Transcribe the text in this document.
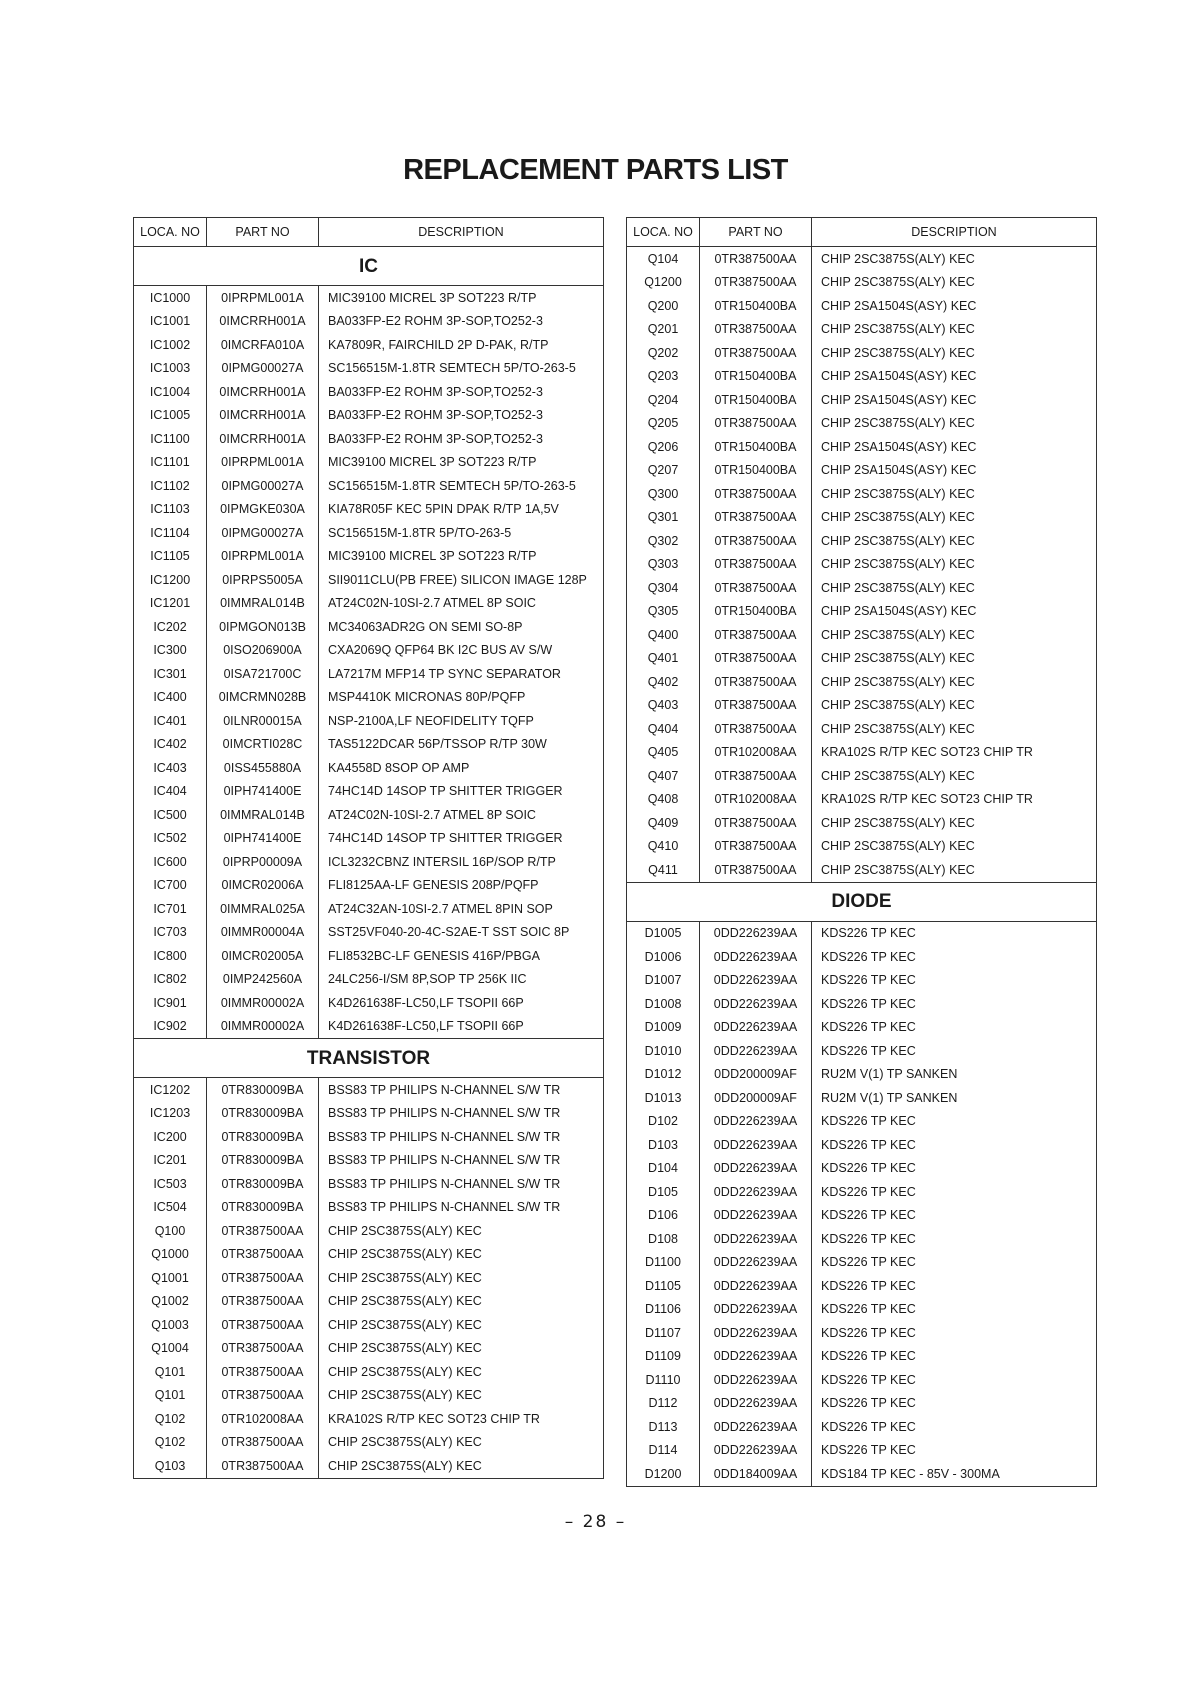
REPLACEMENT PARTS LIST
LOCA. NO	PART NO	DESCRIPTION
IC		
IC1000	0IPRPML001A	MIC39100 MICREL 3P SOT223 R/TP
IC1001	0IMCRRH001A	BA033FP-E2 ROHM 3P-SOP,TO252-3
IC1002	0IMCRFA010A	KA7809R, FAIRCHILD 2P D-PAK, R/TP
IC1003	0IPMG00027A	SC156515M-1.8TR SEMTECH 5P/TO-263-5
IC1004	0IMCRRH001A	BA033FP-E2 ROHM 3P-SOP,TO252-3
IC1005	0IMCRRH001A	BA033FP-E2 ROHM 3P-SOP,TO252-3
IC1100	0IMCRRH001A	BA033FP-E2 ROHM 3P-SOP,TO252-3
IC1101	0IPRPML001A	MIC39100 MICREL 3P SOT223 R/TP
IC1102	0IPMG00027A	SC156515M-1.8TR SEMTECH 5P/TO-263-5
IC1103	0IPMGKE030A	KIA78R05F KEC 5PIN DPAK R/TP 1A,5V
IC1104	0IPMG00027A	SC156515M-1.8TR 5P/TO-263-5
IC1105	0IPRPML001A	MIC39100 MICREL 3P SOT223 R/TP
IC1200	0IPRPS5005A	SII9011CLU(PB FREE) SILICON IMAGE 128P
IC1201	0IMMRAL014B	AT24C02N-10SI-2.7 ATMEL 8P SOIC
IC202	0IPMGON013B	MC34063ADR2G ON SEMI SO-8P
IC300	0ISO206900A	CXA2069Q QFP64 BK I2C BUS AV S/W
IC301	0ISA721700C	LA7217M MFP14 TP SYNC SEPARATOR
IC400	0IMCRMN028B	MSP4410K MICRONAS 80P/PQFP
IC401	0ILNR00015A	NSP-2100A,LF NEOFIDELITY TQFP
IC402	0IMCRTI028C	TAS5122DCAR 56P/TSSOP R/TP 30W
IC403	0ISS455880A	KA4558D 8SOP OP AMP
IC404	0IPH741400E	74HC14D 14SOP TP SHITTER TRIGGER
IC500	0IMMRAL014B	AT24C02N-10SI-2.7 ATMEL 8P SOIC
IC502	0IPH741400E	74HC14D 14SOP TP SHITTER TRIGGER
IC600	0IPRP00009A	ICL3232CBNZ INTERSIL 16P/SOP R/TP
IC700	0IMCR02006A	FLI8125AA-LF GENESIS 208P/PQFP
IC701	0IMMRAL025A	AT24C32AN-10SI-2.7 ATMEL 8PIN SOP
IC703	0IMMR00004A	SST25VF040-20-4C-S2AE-T SST SOIC 8P
IC800	0IMCR02005A	FLI8532BC-LF GENESIS 416P/PBGA
IC802	0IMP242560A	24LC256-I/SM 8P,SOP TP 256K IIC
IC901	0IMMR00002A	K4D261638F-LC50,LF TSOPII 66P
IC902	0IMMR00002A	K4D261638F-LC50,LF TSOPII 66P
TRANSISTOR		
IC1202	0TR830009BA	BSS83 TP PHILIPS N-CHANNEL S/W TR
IC1203	0TR830009BA	BSS83 TP PHILIPS N-CHANNEL S/W TR
IC200	0TR830009BA	BSS83 TP PHILIPS N-CHANNEL S/W TR
IC201	0TR830009BA	BSS83 TP PHILIPS N-CHANNEL S/W TR
IC503	0TR830009BA	BSS83 TP PHILIPS N-CHANNEL S/W TR
IC504	0TR830009BA	BSS83 TP PHILIPS N-CHANNEL S/W TR
Q100	0TR387500AA	CHIP 2SC3875S(ALY) KEC
Q1000	0TR387500AA	CHIP 2SC3875S(ALY) KEC
Q1001	0TR387500AA	CHIP 2SC3875S(ALY) KEC
Q1002	0TR387500AA	CHIP 2SC3875S(ALY) KEC
Q1003	0TR387500AA	CHIP 2SC3875S(ALY) KEC
Q1004	0TR387500AA	CHIP 2SC3875S(ALY) KEC
Q101	0TR387500AA	CHIP 2SC3875S(ALY) KEC
Q101	0TR387500AA	CHIP 2SC3875S(ALY) KEC
Q102	0TR102008AA	KRA102S R/TP KEC SOT23 CHIP TR
Q102	0TR387500AA	CHIP 2SC3875S(ALY) KEC
Q103	0TR387500AA	CHIP 2SC3875S(ALY) KEC
LOCA. NO	PART NO	DESCRIPTION
Q104	0TR387500AA	CHIP 2SC3875S(ALY) KEC
Q1200	0TR387500AA	CHIP 2SC3875S(ALY) KEC
Q200	0TR150400BA	CHIP 2SA1504S(ASY) KEC
Q201	0TR387500AA	CHIP 2SC3875S(ALY) KEC
Q202	0TR387500AA	CHIP 2SC3875S(ALY) KEC
Q203	0TR150400BA	CHIP 2SA1504S(ASY) KEC
Q204	0TR150400BA	CHIP 2SA1504S(ASY) KEC
Q205	0TR387500AA	CHIP 2SC3875S(ALY) KEC
Q206	0TR150400BA	CHIP 2SA1504S(ASY) KEC
Q207	0TR150400BA	CHIP 2SA1504S(ASY) KEC
Q300	0TR387500AA	CHIP 2SC3875S(ALY) KEC
Q301	0TR387500AA	CHIP 2SC3875S(ALY) KEC
Q302	0TR387500AA	CHIP 2SC3875S(ALY) KEC
Q303	0TR387500AA	CHIP 2SC3875S(ALY) KEC
Q304	0TR387500AA	CHIP 2SC3875S(ALY) KEC
Q305	0TR150400BA	CHIP 2SA1504S(ASY) KEC
Q400	0TR387500AA	CHIP 2SC3875S(ALY) KEC
Q401	0TR387500AA	CHIP 2SC3875S(ALY) KEC
Q402	0TR387500AA	CHIP 2SC3875S(ALY) KEC
Q403	0TR387500AA	CHIP 2SC3875S(ALY) KEC
Q404	0TR387500AA	CHIP 2SC3875S(ALY) KEC
Q405	0TR102008AA	KRA102S R/TP KEC SOT23 CHIP TR
Q407	0TR387500AA	CHIP 2SC3875S(ALY) KEC
Q408	0TR102008AA	KRA102S R/TP KEC SOT23 CHIP TR
Q409	0TR387500AA	CHIP 2SC3875S(ALY) KEC
Q410	0TR387500AA	CHIP 2SC3875S(ALY) KEC
Q411	0TR387500AA	CHIP 2SC3875S(ALY) KEC
DIODE		
D1005	0DD226239AA	KDS226 TP KEC
D1006	0DD226239AA	KDS226 TP KEC
D1007	0DD226239AA	KDS226 TP KEC
D1008	0DD226239AA	KDS226 TP KEC
D1009	0DD226239AA	KDS226 TP KEC
D1010	0DD226239AA	KDS226 TP KEC
D1012	0DD200009AF	RU2M V(1) TP SANKEN
D1013	0DD200009AF	RU2M V(1) TP SANKEN
D102	0DD226239AA	KDS226 TP KEC
D103	0DD226239AA	KDS226 TP KEC
D104	0DD226239AA	KDS226 TP KEC
D105	0DD226239AA	KDS226 TP KEC
D106	0DD226239AA	KDS226 TP KEC
D108	0DD226239AA	KDS226 TP KEC
D1100	0DD226239AA	KDS226 TP KEC
D1105	0DD226239AA	KDS226 TP KEC
D1106	0DD226239AA	KDS226 TP KEC
D1107	0DD226239AA	KDS226 TP KEC
D1109	0DD226239AA	KDS226 TP KEC
D1110	0DD226239AA	KDS226 TP KEC
D112	0DD226239AA	KDS226 TP KEC
D113	0DD226239AA	KDS226 TP KEC
D114	0DD226239AA	KDS226 TP KEC
D1200	0DD184009AA	KDS184 TP KEC - 85V - 300MA
– 28 –
